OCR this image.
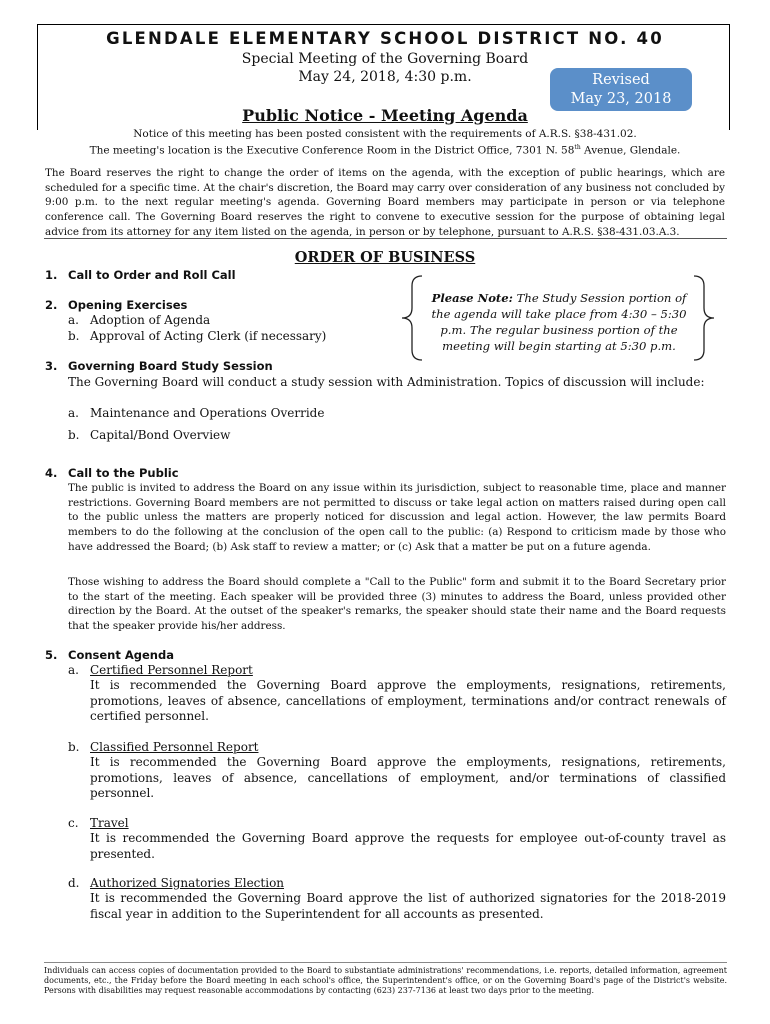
GLENDALE ELEMENTARY SCHOOL DISTRICT NO. 40
Special Meeting of the Governing Board
May 24, 2018, 4:30 p.m.	Revised
May 23, 2018
Public Notice - Meeting Agenda
Notice of this meeting has been posted consistent with the requirements of A.R.S. §38-431.02.
The meeting's location is the Executive Conference Room in the District Office, 7301 N. 58th Avenue, Glendale.
The Board reserves the right to change the order of items on the agenda, with the exception of public hearings, which are scheduled for a specific time. At the chair's discretion, the Board may carry over consideration of any business not concluded by 9:00 p.m. to the next regular meeting's agenda. Governing Board members may participate in person or via telephone conference call. The Governing Board reserves the right to convene to executive session for the purpose of obtaining legal advice from its attorney for any item listed on the agenda, in person or by telephone, pursuant to A.R.S. §38-431.03.A.3.
ORDER OF BUSINESS
1. Call to Order and Roll Call
2. Opening Exercises
a. Adoption of Agenda
b. Approval of Acting Clerk (if necessary)
Please Note: The Study Session portion of the agenda will take place from 4:30 – 5:30 p.m. The regular business portion of the meeting will begin starting at 5:30 p.m.
3. Governing Board Study Session
The Governing Board will conduct a study session with Administration. Topics of discussion will include:
a. Maintenance and Operations Override
b. Capital/Bond Overview
4. Call to the Public
The public is invited to address the Board on any issue within its jurisdiction, subject to reasonable time, place and manner restrictions. Governing Board members are not permitted to discuss or take legal action on matters raised during open call to the public unless the matters are properly noticed for discussion and legal action. However, the law permits Board members to do the following at the conclusion of the open call to the public: (a) Respond to criticism made by those who have addressed the Board; (b) Ask staff to review a matter; or (c) Ask that a matter be put on a future agenda.
Those wishing to address the Board should complete a "Call to the Public" form and submit it to the Board Secretary prior to the start of the meeting. Each speaker will be provided three (3) minutes to address the Board, unless provided other direction by the Board. At the outset of the speaker's remarks, the speaker should state their name and the Board requests that the speaker provide his/her address.
5. Consent Agenda
a. Certified Personnel Report
It is recommended the Governing Board approve the employments, resignations, retirements, promotions, leaves of absence, cancellations of employment, terminations and/or contract renewals of certified personnel.
b. Classified Personnel Report
It is recommended the Governing Board approve the employments, resignations, retirements, promotions, leaves of absence, cancellations of employment, and/or terminations of classified personnel.
c. Travel
It is recommended the Governing Board approve the requests for employee out-of-county travel as presented.
d. Authorized Signatories Election
It is recommended the Governing Board approve the list of authorized signatories for the 2018-2019 fiscal year in addition to the Superintendent for all accounts as presented.
Individuals can access copies of documentation provided to the Board to substantiate administrations' recommendations, i.e. reports, detailed information, agreement documents, etc., the Friday before the Board meeting in each school's office, the Superintendent's office, or on the Governing Board's page of the District's website. Persons with disabilities may request reasonable accommodations by contacting (623) 237-7136 at least two days prior to the meeting.
